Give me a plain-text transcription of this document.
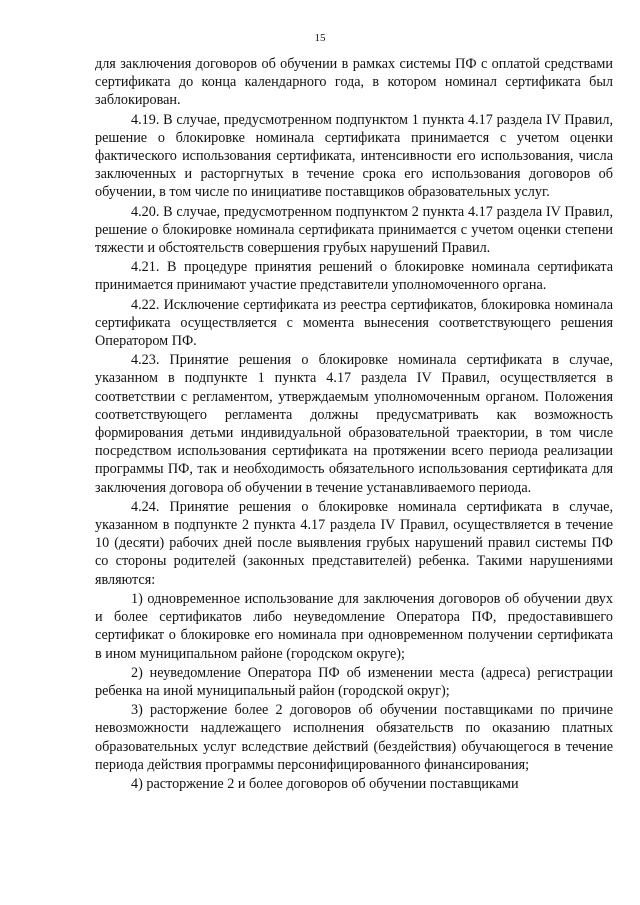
15

для заключения договоров об обучении в рамках системы ПФ с оплатой средствами сертификата до конца календарного года, в котором номинал сертификата был заблокирован.

4.19. В случае, предусмотренном подпунктом 1 пункта 4.17 раздела IV Правил, решение о блокировке номинала сертификата принимается с учетом оценки фактического использования сертификата, интенсивности его использования, числа заключенных и расторгнутых в течение срока его использования договоров об обучении, в том числе по инициативе поставщиков образовательных услуг.

4.20. В случае, предусмотренном подпунктом 2 пункта 4.17 раздела IV Правил, решение о блокировке номинала сертификата принимается с учетом оценки степени тяжести и обстоятельств совершения грубых нарушений Правил.

4.21. В процедуре принятия решений о блокировке номинала сертификата принимается принимают участие представители уполномоченного органа.

4.22. Исключение сертификата из реестра сертификатов, блокировка номинала сертификата осуществляется с момента вынесения соответствующего решения Оператором ПФ.

4.23. Принятие решения о блокировке номинала сертификата в случае, указанном в подпункте 1 пункта 4.17 раздела IV Правил, осуществляется в соответствии с регламентом, утверждаемым уполномоченным органом. Положения соответствующего регламента должны предусматривать как возможность формирования детьми индивидуальной образовательной траектории, в том числе посредством использования сертификата на протяжении всего периода реализации программы ПФ, так и необходимость обязательного использования сертификата для заключения договора об обучении в течение устанавливаемого периода.

4.24. Принятие решения о блокировке номинала сертификата в случае, указанном в подпункте 2 пункта 4.17 раздела IV Правил, осуществляется в течение 10 (десяти) рабочих дней после выявления грубых нарушений правил системы ПФ со стороны родителей (законных представителей) ребенка. Такими нарушениями являются:

1) одновременное использование для заключения договоров об обучении двух и более сертификатов либо неуведомление Оператора ПФ, предоставившего сертификат о блокировке его номинала при одновременном получении сертификата в ином муниципальном районе (городском округе);

2) неуведомление Оператора ПФ об изменении места (адреса) регистрации ребенка на иной муниципальный район (городской округ);

3) расторжение более 2 договоров об обучении поставщиками по причине невозможности надлежащего исполнения обязательств по оказанию платных образовательных услуг вследствие действий (бездействия) обучающегося в течение периода действия программы персонифицированного финансирования;

4) расторжение 2 и более договоров об обучении поставщиками
